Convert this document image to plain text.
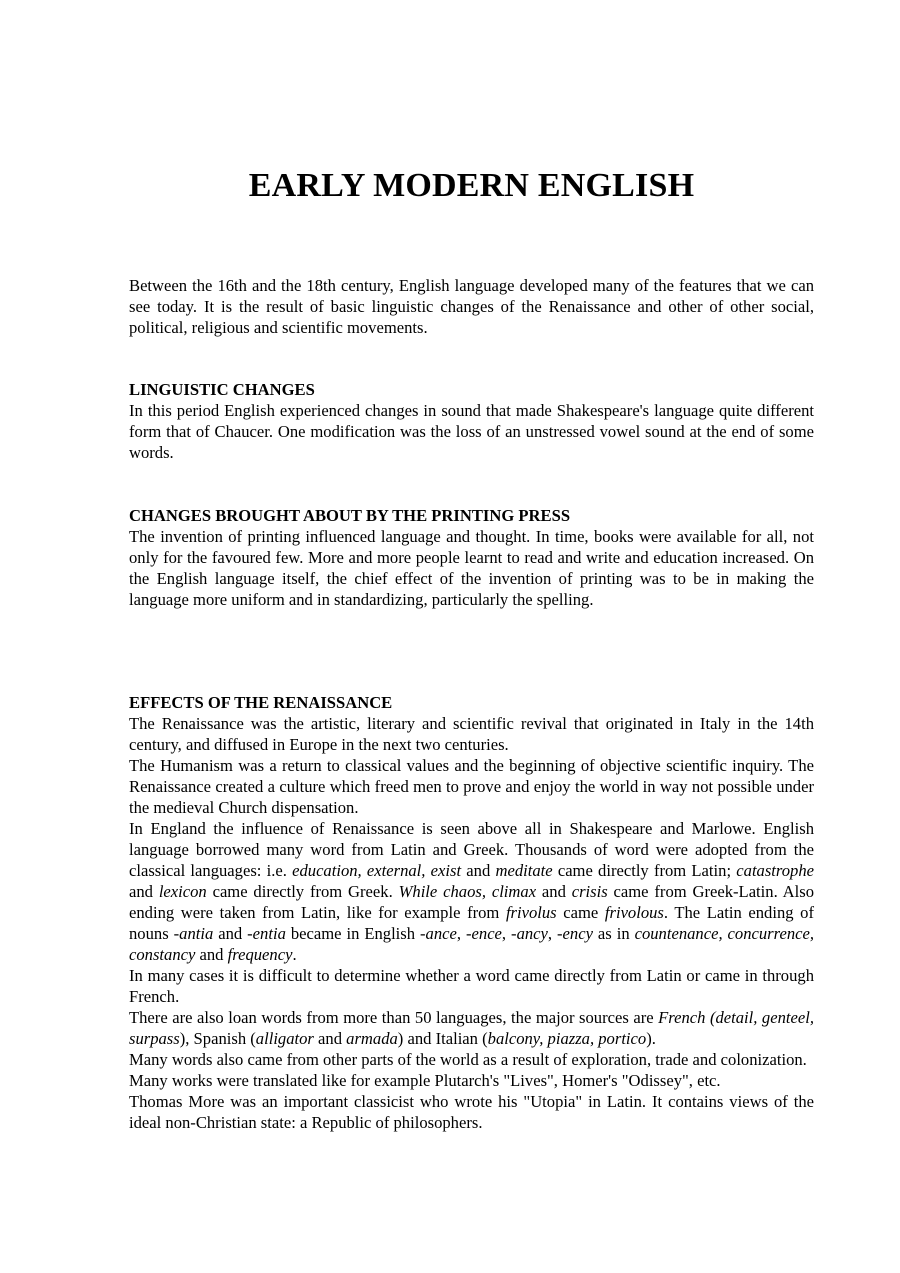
EARLY MODERN ENGLISH

Between the 16th and the 18th century, English language developed many of the features that we can see today. It is the result of basic linguistic changes of the Renaissance and other of other social, political, religious and scientific movements.

LINGUISTIC CHANGES

In this period English experienced changes in sound that made Shakespeare's language quite different form that of Chaucer. One modification was the loss of an unstressed vowel sound at the end of some words.

CHANGES BROUGHT ABOUT BY THE PRINTING PRESS

The invention of printing influenced language and thought. In time, books were available for all, not only for the favoured few. More and more people learnt to read and write and education increased. On the English language itself, the chief effect of the invention of printing was to be in making the language more uniform and in standardizing, particularly the spelling.

EFFECTS OF THE RENAISSANCE

The Renaissance was the artistic, literary and scientific revival that originated in Italy in the 14th century, and diffused in Europe in the next two centuries.

The Humanism was a return to classical values and the beginning of objective scientific inquiry. The Renaissance created a culture which freed men to prove and enjoy the world in way not possible under the medieval Church dispensation.

In England the influence of Renaissance is seen above all in Shakespeare and Marlowe. English language borrowed many word from Latin and Greek. Thousands of word were adopted from the classical languages: i.e. education, external, exist and meditate came directly from Latin; catastrophe and lexicon came directly from Greek. While chaos, climax and crisis came from Greek-Latin. Also ending were taken from Latin, like for example from frivolus came frivolous. The Latin ending of nouns -antia and -entia became in English -ance, -ence, -ancy, -ency as in countenance, concurrence, constancy and frequency.

In many cases it is difficult to determine whether a word came directly from Latin or came in through French.

There are also loan words from more than 50 languages, the major sources are French (detail, genteel, surpass), Spanish (alligator and armada) and Italian (balcony, piazza, portico).

Many words also came from other parts of the world as a result of exploration, trade and colonization.

Many works were translated like for example Plutarch's "Lives", Homer's "Odissey", etc.

Thomas More was an important classicist who wrote his "Utopia" in Latin. It contains views of the ideal non-Christian state: a Republic of philosophers.
